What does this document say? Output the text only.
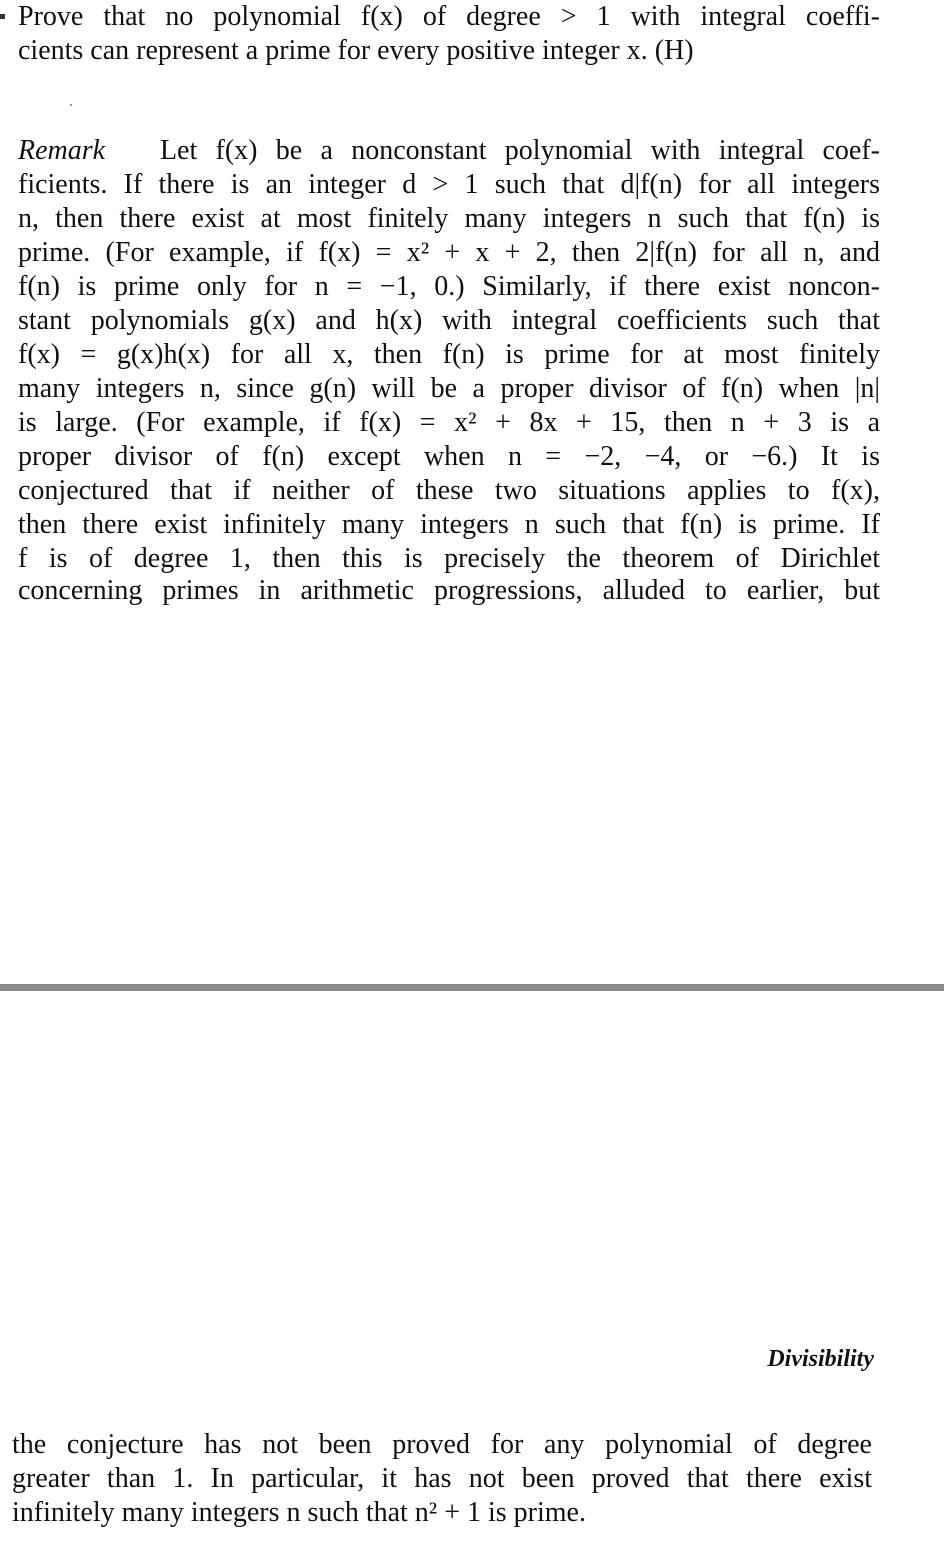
Prove that no polynomial f(x) of degree > 1 with integral coeffi-
cients can represent a prime for every positive integer x. (H)
Remark Let f(x) be a nonconstant polynomial with integral coef-
ficients. If there is an integer d > 1 such that d|f(n) for all integers
n, then there exist at most finitely many integers n such that f(n) is
prime. (For example, if f(x) = x² + x + 2, then 2|f(n) for all n, and
f(n) is prime only for n = −1, 0.) Similarly, if there exist noncon-
stant polynomials g(x) and h(x) with integral coefficients such that
f(x) = g(x)h(x) for all x, then f(n) is prime for at most finitely
many integers n, since g(n) will be a proper divisor of f(n) when |n|
is large. (For example, if f(x) = x² + 8x + 15, then n + 3 is a
proper divisor of f(n) except when n = −2, −4, or −6.) It is
conjectured that if neither of these two situations applies to f(x),
then there exist infinitely many integers n such that f(n) is prime. If
f is of degree 1, then this is precisely the theorem of Dirichlet
concerning primes in arithmetic progressions, alluded to earlier, but
Divisibility
the conjecture has not been proved for any polynomial of degree
greater than 1. In particular, it has not been proved that there exist
infinitely many integers n such that n² + 1 is prime.
